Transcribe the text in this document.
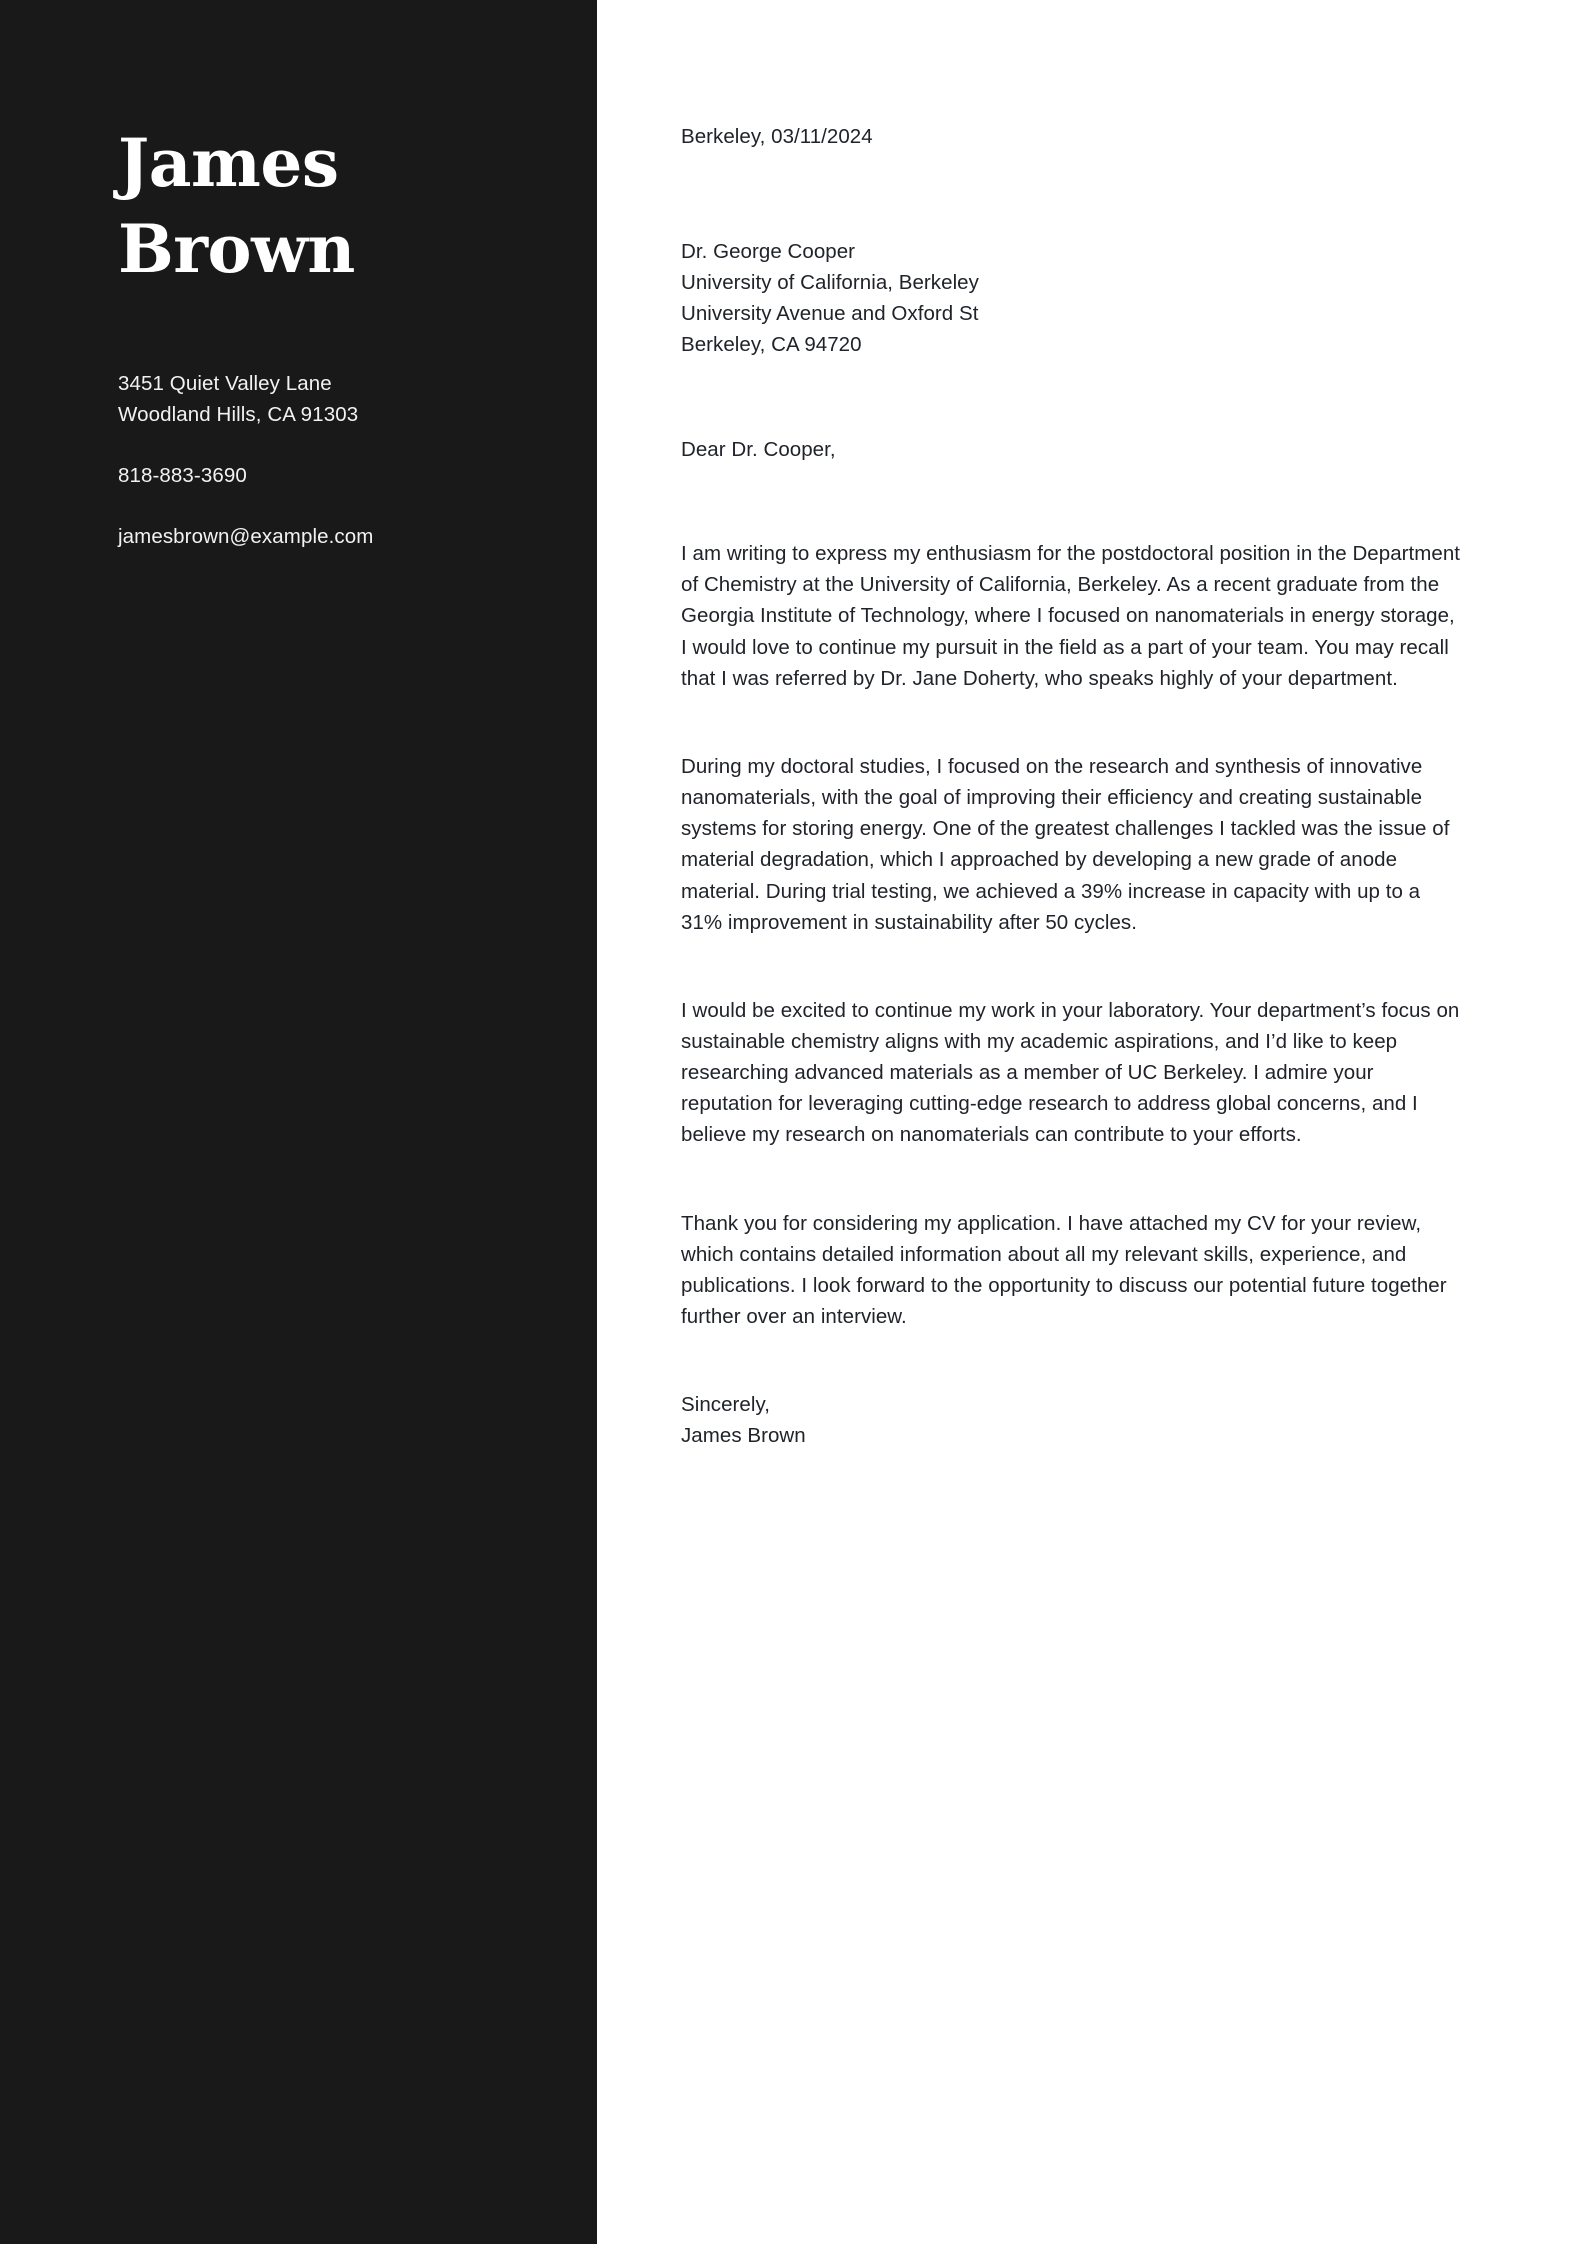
James
Brown
3451 Quiet Valley Lane
Woodland Hills, CA 91303
818-883-3690
jamesbrown@example.com
Berkeley, 03/11/2024
Dr. George Cooper
University of California, Berkeley
University Avenue and Oxford St
Berkeley, CA 94720
Dear Dr. Cooper,

I am writing to express my enthusiasm for the postdoctoral position in the Department of Chemistry at the University of California, Berkeley. As a recent graduate from the Georgia Institute of Technology, where I focused on nanomaterials in energy storage, I would love to continue my pursuit in the field as a part of your team. You may recall that I was referred by Dr. Jane Doherty, who speaks highly of your department.

During my doctoral studies, I focused on the research and synthesis of innovative nanomaterials, with the goal of improving their efficiency and creating sustainable systems for storing energy. One of the greatest challenges I tackled was the issue of material degradation, which I approached by developing a new grade of anode material. During trial testing, we achieved a 39% increase in capacity with up to a 31% improvement in sustainability after 50 cycles.

I would be excited to continue my work in your laboratory. Your department’s focus on sustainable chemistry aligns with my academic aspirations, and I’d like to keep researching advanced materials as a member of UC Berkeley. I admire your reputation for leveraging cutting-edge research to address global concerns, and I believe my research on nanomaterials can contribute to your efforts.

Thank you for considering my application. I have attached my CV for your review, which contains detailed information about all my relevant skills, experience, and publications. I look forward to the opportunity to discuss our potential future together further over an interview.

Sincerely,
James Brown
